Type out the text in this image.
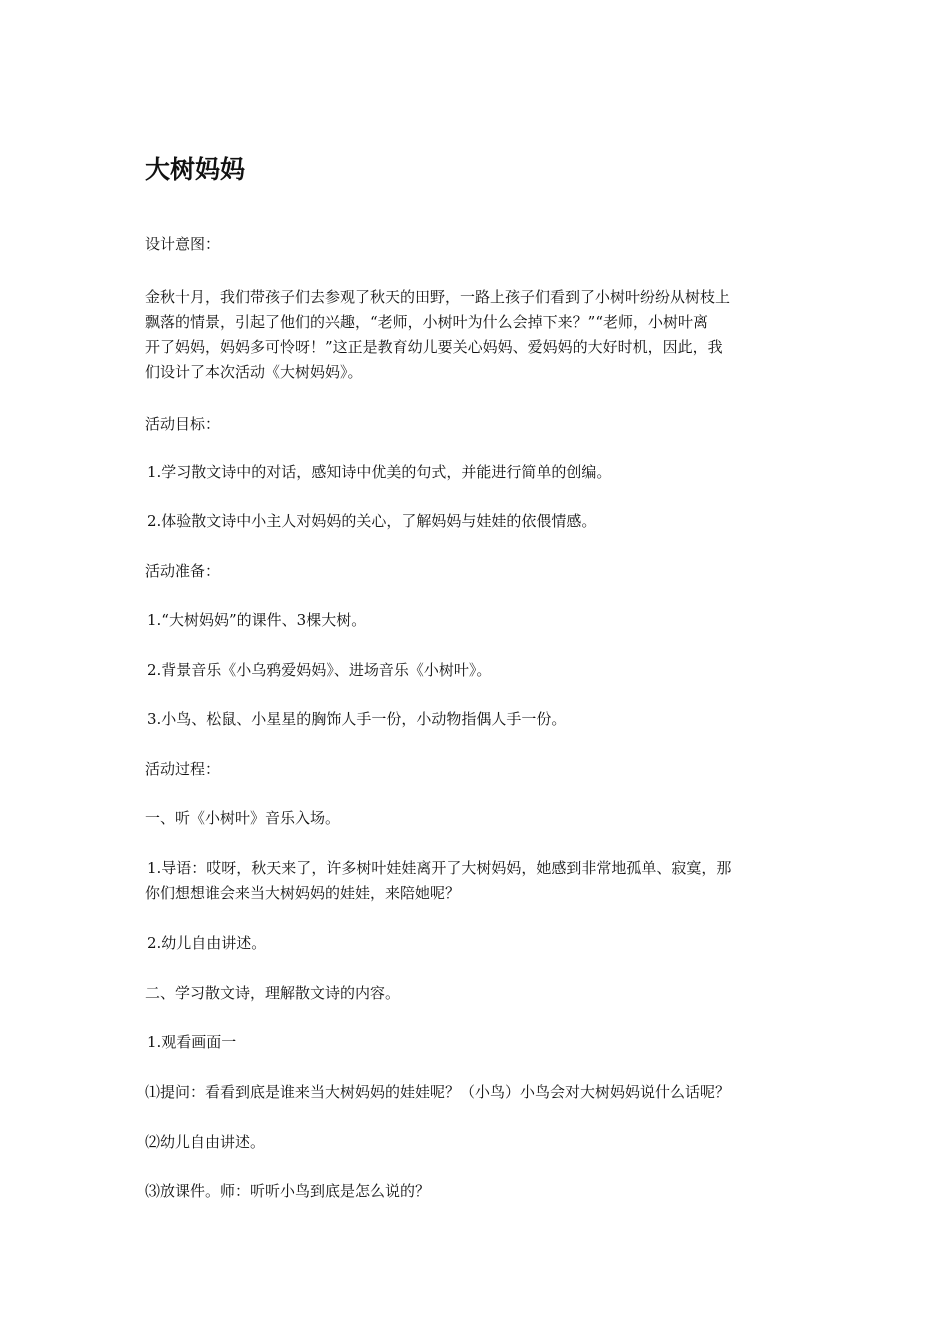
大树妈妈

设计意图：

金秋十月，我们带孩子们去参观了秋天的田野，一路上孩子们看到了小树叶纷纷从树枝上

飘落的情景，引起了他们的兴趣，“老师，小树叶为什么会掉下来？”“老师，小树叶离

开了妈妈，妈妈多可怜呀！”这正是教育幼儿要关心妈妈、爱妈妈的大好时机，因此，我

们设计了本次活动《大树妈妈》。

活动目标：

1.学习散文诗中的对话，感知诗中优美的句式，并能进行简单的创编。

2.体验散文诗中小主人对妈妈的关心，了解妈妈与娃娃的依偎情感。

活动准备：

1.“大树妈妈”的课件、3棵大树。

2.背景音乐《小乌鸦爱妈妈》、进场音乐《小树叶》。

3.小鸟、松鼠、小星星的胸饰人手一份，小动物指偶人手一份。

活动过程：

一、听《小树叶》音乐入场。

1.导语：哎呀，秋天来了，许多树叶娃娃离开了大树妈妈，她感到非常地孤单、寂寞，那

你们想想谁会来当大树妈妈的娃娃，来陪她呢？

2.幼儿自由讲述。

二、学习散文诗，理解散文诗的内容。

1.观看画面一

⑴提问：看看到底是谁来当大树妈妈的娃娃呢？（小鸟）小鸟会对大树妈妈说什么话呢？

⑵幼儿自由讲述。

⑶放课件。师：听听小鸟到底是怎么说的？
